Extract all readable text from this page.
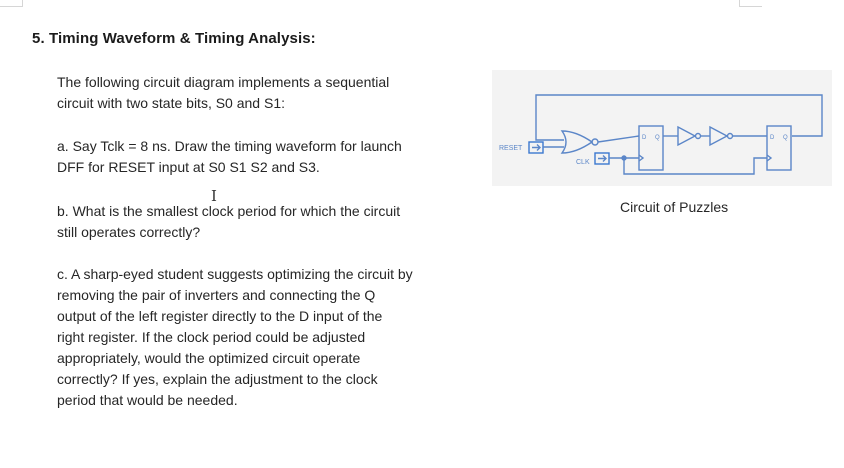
5. Timing Waveform & Timing Analysis:
The following circuit diagram implements a sequential
circuit with two state bits, S0 and S1:
a. Say Tclk = 8 ns. Draw the timing waveform for launch
DFF for RESET input at S0 S1 S2 and S3.
b. What is the smallest clock period for which the circuit
still operates correctly?
c. A sharp-eyed student suggests optimizing the circuit by
removing the pair of inverters and connecting the Q
output of the left register directly to the D input of the
right register. If the clock period could be adjusted
appropriately, would the optimized circuit operate
correctly? If yes, explain the adjustment to the clock
period that would be needed.
I
RESET
CLK
D Q	D Q
Circuit of Puzzles
